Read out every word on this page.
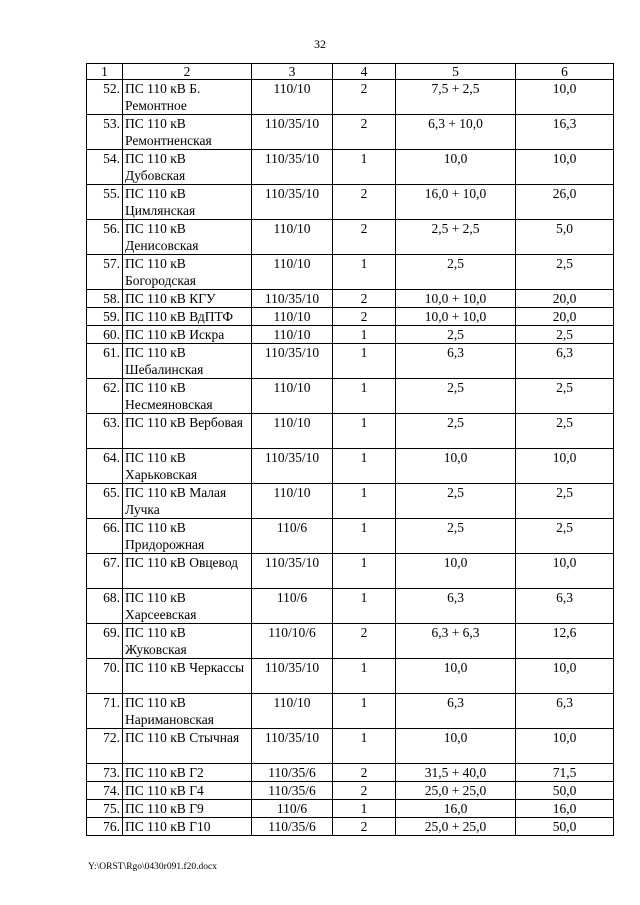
32
1	2	3	4	5	6
52.	ПС 110 кВ Б. Ремонтное	110/10	2	7,5 + 2,5	10,0
53.	ПС 110 кВ Ремонтненская	110/35/10	2	6,3 + 10,0	16,3
54.	ПС 110 кВ Дубовская	110/35/10	1	10,0	10,0
55.	ПС 110 кВ Цимлянская	110/35/10	2	16,0 + 10,0	26,0
56.	ПС 110 кВ Денисовская	110/10	2	2,5 + 2,5	5,0
57.	ПС 110 кВ Богородская	110/10	1	2,5	2,5
58.	ПС 110 кВ КГУ	110/35/10	2	10,0 + 10,0	20,0
59.	ПС 110 кВ ВдПТФ	110/10	2	10,0 + 10,0	20,0
60.	ПС 110 кВ Искра	110/10	1	2,5	2,5
61.	ПС 110 кВ Шебалинская	110/35/10	1	6,3	6,3
62.	ПС 110 кВ Несмеяновская	110/10	1	2,5	2,5
63.	ПС 110 кВ Вербовая	110/10	1	2,5	2,5
64.	ПС 110 кВ Харьковская	110/35/10	1	10,0	10,0
65.	ПС 110 кВ Малая Лучка	110/10	1	2,5	2,5
66.	ПС 110 кВ Придорожная	110/6	1	2,5	2,5
67.	ПС 110 кВ Овцевод	110/35/10	1	10,0	10,0
68.	ПС 110 кВ Харсеевская	110/6	1	6,3	6,3
69.	ПС 110 кВ Жуковская	110/10/6	2	6,3 + 6,3	12,6
70.	ПС 110 кВ Черкассы	110/35/10	1	10,0	10,0
71.	ПС 110 кВ Наримановская	110/10	1	6,3	6,3
72.	ПС 110 кВ Стычная	110/35/10	1	10,0	10,0
73.	ПС 110 кВ Г2	110/35/6	2	31,5 + 40,0	71,5
74.	ПС 110 кВ Г4	110/35/6	2	25,0 + 25,0	50,0
75.	ПС 110 кВ Г9	110/6	1	16,0	16,0
76.	ПС 110 кВ Г10	110/35/6	2	25,0 + 25,0	50,0
Y:\ORST\Rgo\0430r091.f20.docx
